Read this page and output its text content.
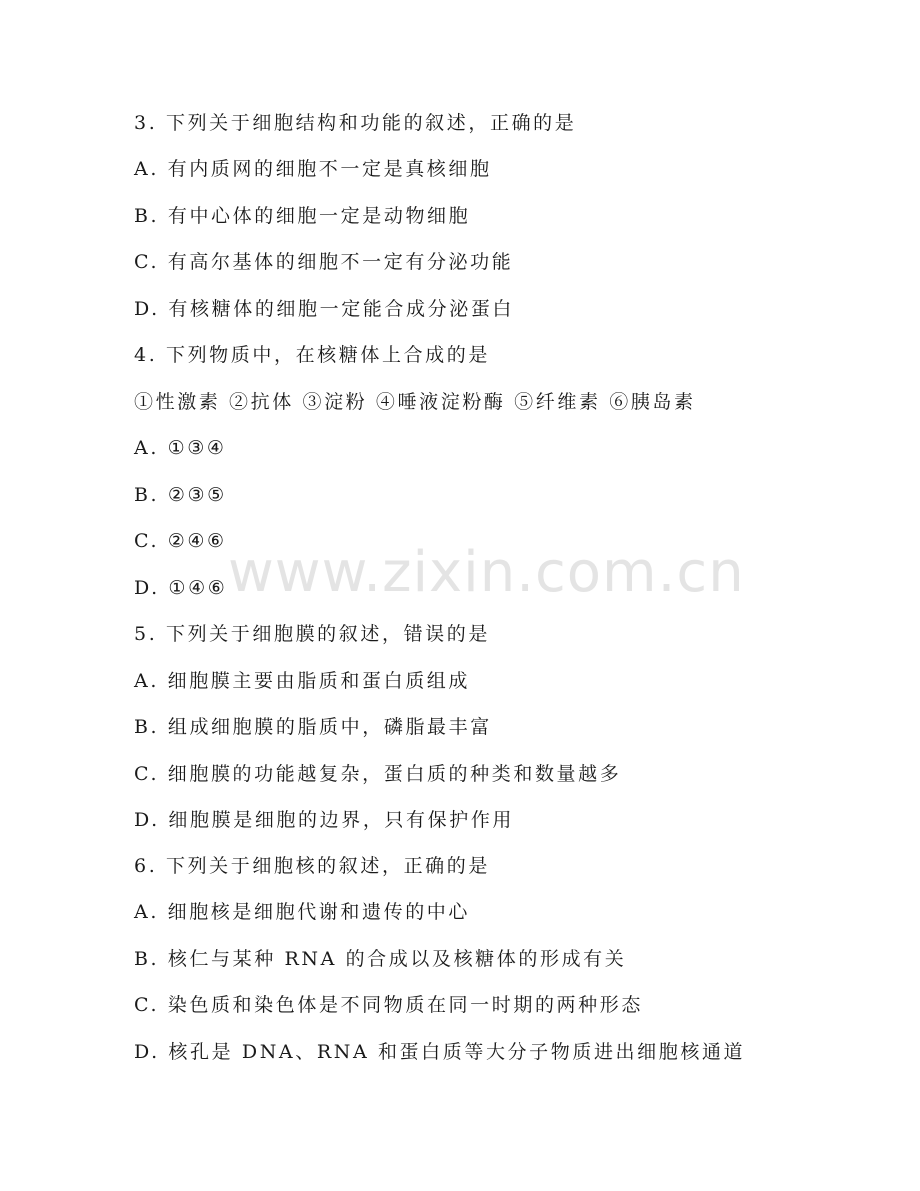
www.zixin.com.cn
3. 下列关于细胞结构和功能的叙述，正确的是
A. 有内质网的细胞不一定是真核细胞
B. 有中心体的细胞一定是动物细胞
C. 有高尔基体的细胞不一定有分泌功能
D. 有核糖体的细胞一定能合成分泌蛋白
4. 下列物质中，在核糖体上合成的是
①性激素 ②抗体 ③淀粉 ④唾液淀粉酶 ⑤纤维素 ⑥胰岛素
A. ①③④
B. ②③⑤
C. ②④⑥
D. ①④⑥
5. 下列关于细胞膜的叙述，错误的是
A. 细胞膜主要由脂质和蛋白质组成
B. 组成细胞膜的脂质中，磷脂最丰富
C. 细胞膜的功能越复杂，蛋白质的种类和数量越多
D. 细胞膜是细胞的边界，只有保护作用
6. 下列关于细胞核的叙述，正确的是
A. 细胞核是细胞代谢和遗传的中心
B. 核仁与某种 RNA 的合成以及核糖体的形成有关
C. 染色质和染色体是不同物质在同一时期的两种形态
D. 核孔是 DNA、RNA 和蛋白质等大分子物质进出细胞核通道
